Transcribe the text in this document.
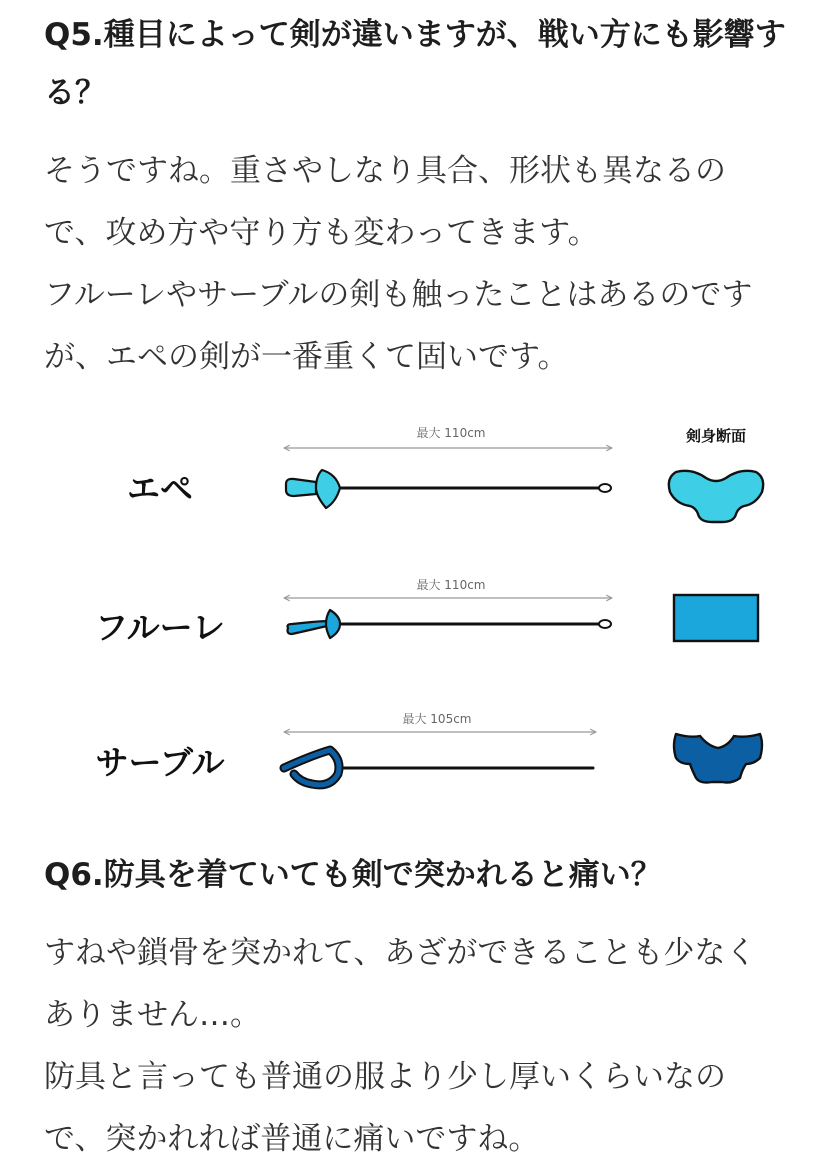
Q5.種目によって剣が違いますが、戦い方にも影響する？

そうですね。重さやしなり具合、形状も異なるの
で、攻め方や守り方も変わってきます。
フルーレやサーブルの剣も触ったことはあるのです
が、エペの剣が一番重くて固いです。

剣身断面
エペ
最大 110cm
フルーレ
最大 110cm
サーブル
最大 105cm
Q6.防具を着ていても剣で突かれると痛い？

すねや鎖骨を突かれて、あざができることも少なく
ありません…。
防具と言っても普通の服より少し厚いくらいなの
で、突かれれば普通に痛いですね。
